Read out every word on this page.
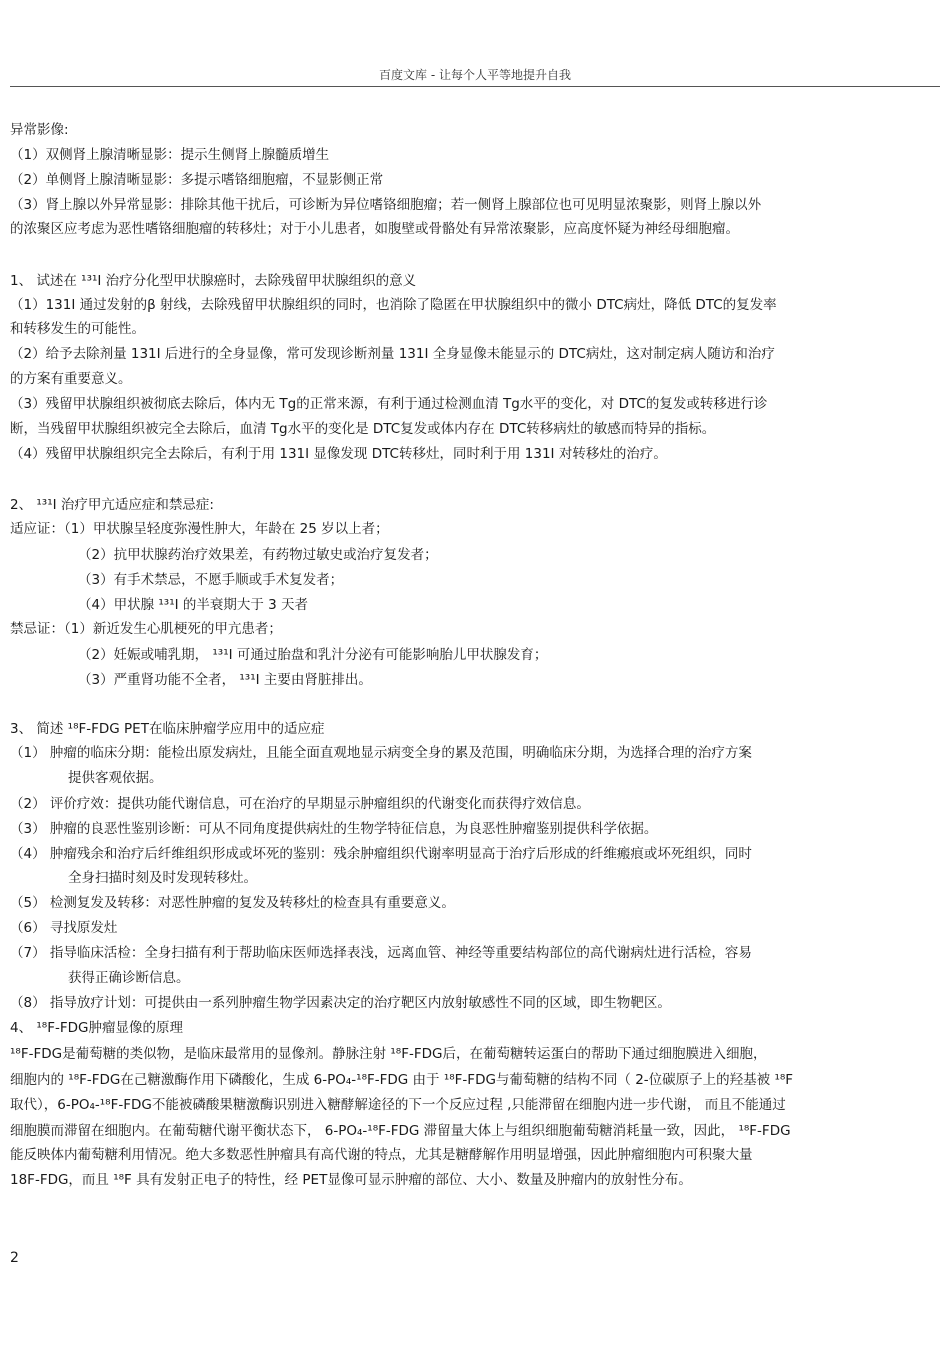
百度文库 - 让每个人平等地提升自我
异常影像:
（1）双侧肾上腺清晰显影：提示生侧肾上腺髓质增生
（2）单侧肾上腺清晰显影：多提示嗜铬细胞瘤，不显影侧正常
（3）肾上腺以外异常显影：排除其他干扰后，可诊断为异位嗜铬细胞瘤；若一侧肾上腺部位也可见明显浓聚影，则肾上腺以外
的浓聚区应考虑为恶性嗜铬细胞瘤的转移灶；对于小儿患者，如腹壁或骨骼处有异常浓聚影，应高度怀疑为神经母细胞瘤。
1、 试述在 ¹³¹I 治疗分化型甲状腺癌时，去除残留甲状腺组织的意义
（1）131I 通过发射的β 射线，去除残留甲状腺组织的同时，也消除了隐匿在甲状腺组织中的微小 DTC病灶，降低 DTC的复发率
和转移发生的可能性。
（2）给予去除剂量 131I 后进行的全身显像，常可发现诊断剂量 131I 全身显像未能显示的 DTC病灶，这对制定病人随访和治疗
的方案有重要意义。
（3）残留甲状腺组织被彻底去除后，体内无 Tg的正常来源，有利于通过检测血清 Tg水平的变化，对 DTC的复发或转移进行诊
断，当残留甲状腺组织被完全去除后，血清 Tg水平的变化是 DTC复发或体内存在 DTC转移病灶的敏感而特异的指标。
（4）残留甲状腺组织完全去除后，有利于用 131I 显像发现 DTC转移灶，同时利于用 131I 对转移灶的治疗。
2、 ¹³¹I 治疗甲亢适应症和禁忌症:
适应证：（1）甲状腺呈轻度弥漫性肿大，年龄在 25 岁以上者；
（2）抗甲状腺药治疗效果差，有药物过敏史或治疗复发者；
（3）有手术禁忌，不愿手顺或手术复发者；
（4）甲状腺 ¹³¹I 的半衰期大于 3 天者
禁忌证：（1）新近发生心肌梗死的甲亢患者；
（2）妊娠或哺乳期， ¹³¹I 可通过胎盘和乳汁分泌有可能影响胎儿甲状腺发育；
（3）严重肾功能不全者， ¹³¹I 主要由肾脏排出。
3、 简述 ¹⁸F-FDG PET在临床肿瘤学应用中的适应症
（1） 肿瘤的临床分期：能检出原发病灶，且能全面直观地显示病变全身的累及范围，明确临床分期，为选择合理的治疗方案
提供客观依据。
（2） 评价疗效：提供功能代谢信息，可在治疗的早期显示肿瘤组织的代谢变化而获得疗效信息。
（3） 肿瘤的良恶性鉴别诊断：可从不同角度提供病灶的生物学特征信息，为良恶性肿瘤鉴别提供科学依据。
（4） 肿瘤残余和治疗后纤维组织形成或坏死的鉴别：残余肿瘤组织代谢率明显高于治疗后形成的纤维瘢痕或坏死组织，同时
全身扫描时刻及时发现转移灶。
（5） 检测复发及转移：对恶性肿瘤的复发及转移灶的检查具有重要意义。
（6） 寻找原发灶
（7） 指导临床活检：全身扫描有利于帮助临床医师选择表浅，远离血管、神经等重要结构部位的高代谢病灶进行活检，容易
获得正确诊断信息。
（8） 指导放疗计划：可提供由一系列肿瘤生物学因素决定的治疗靶区内放射敏感性不同的区域，即生物靶区。
4、 ¹⁸F-FDG肿瘤显像的原理
¹⁸F-FDG是葡萄糖的类似物，是临床最常用的显像剂。静脉注射 ¹⁸F-FDG后，在葡萄糖转运蛋白的帮助下通过细胞膜进入细胞，
细胞内的 ¹⁸F-FDG在己糖激酶作用下磷酸化，生成 6-PO₄-¹⁸F-FDG 由于 ¹⁸F-FDG与葡萄糖的结构不同（ 2-位碳原子上的羟基被 ¹⁸F
取代），6-PO₄-¹⁸F-FDG不能被磷酸果糖激酶识别进入糖酵解途径的下一个反应过程 ,只能滞留在细胞内进一步代谢， 而且不能通过
细胞膜而滞留在细胞内。在葡萄糖代谢平衡状态下， 6-PO₄-¹⁸F-FDG 滞留量大体上与组织细胞葡萄糖消耗量一致，因此， ¹⁸F-FDG
能反映体内葡萄糖利用情况。绝大多数恶性肿瘤具有高代谢的特点，尤其是糖酵解作用明显增强，因此肿瘤细胞内可积聚大量
18F-FDG，而且 ¹⁸F 具有发射正电子的特性，经 PET显像可显示肿瘤的部位、大小、数量及肿瘤内的放射性分布。
2
